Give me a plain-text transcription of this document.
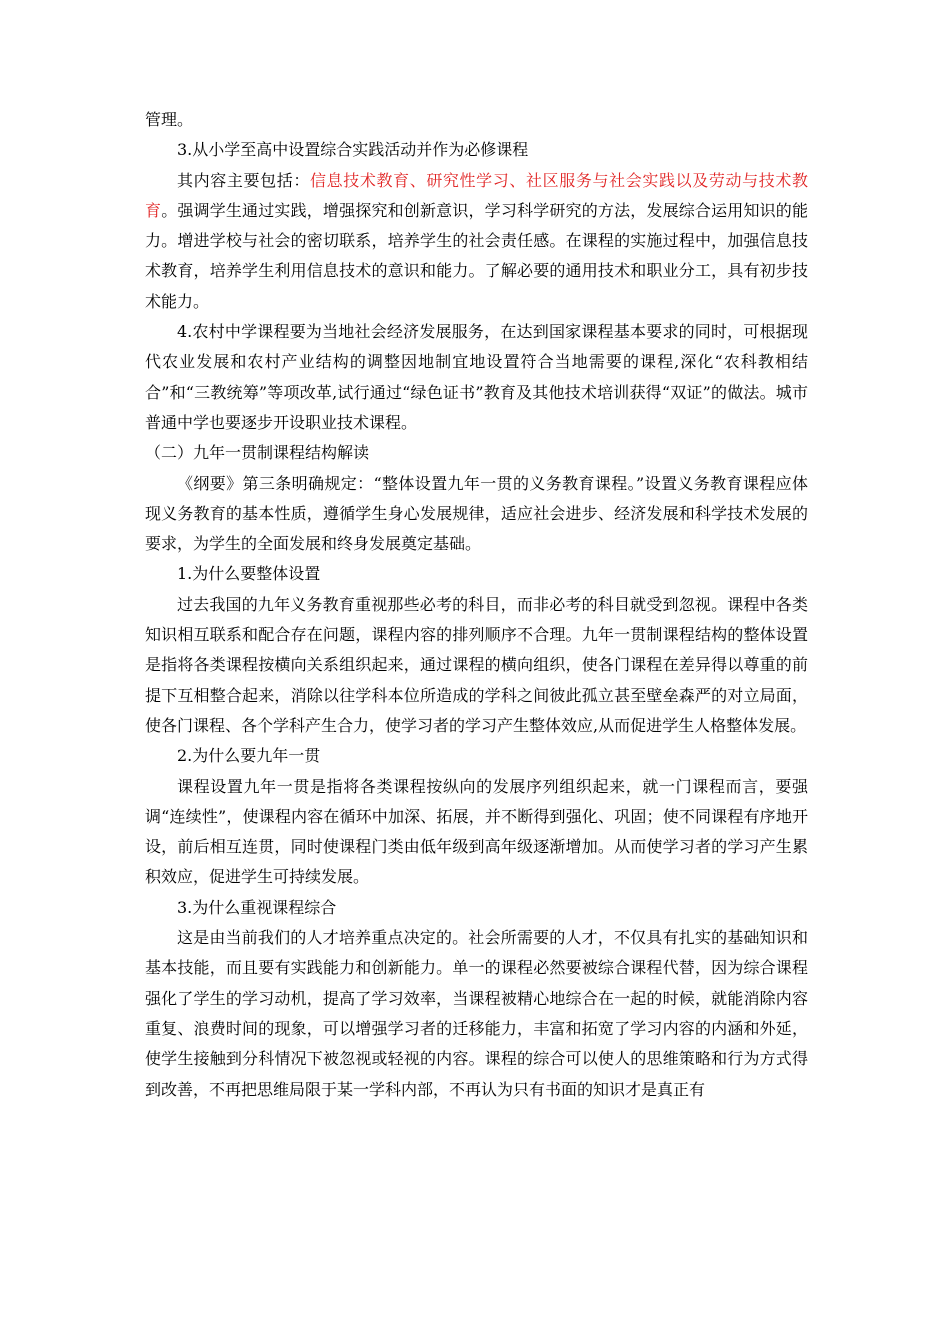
管理。

3.从小学至高中设置综合实践活动并作为必修课程

其内容主要包括：信息技术教育、研究性学习、社区服务与社会实践以及劳动与技术教育。强调学生通过实践，增强探究和创新意识，学习科学研究的方法，发展综合运用知识的能力。增进学校与社会的密切联系，培养学生的社会责任感。在课程的实施过程中，加强信息技术教育，培养学生利用信息技术的意识和能力。了解必要的通用技术和职业分工，具有初步技术能力。

4.农村中学课程要为当地社会经济发展服务，在达到国家课程基本要求的同时，可根据现代农业发展和农村产业结构的调整因地制宜地设置符合当地需要的课程,深化“农科教相结合”和“三教统筹”等项改革,试行通过“绿色证书”教育及其他技术培训获得“双证”的做法。城市普通中学也要逐步开设职业技术课程。

（二）九年一贯制课程结构解读

《纲要》第三条明确规定：“整体设置九年一贯的义务教育课程。”设置义务教育课程应体现义务教育的基本性质，遵循学生身心发展规律，适应社会进步、经济发展和科学技术发展的要求，为学生的全面发展和终身发展奠定基础。

1.为什么要整体设置

过去我国的九年义务教育重视那些必考的科目，而非必考的科目就受到忽视。课程中各类知识相互联系和配合存在问题，课程内容的排列顺序不合理。九年一贯制课程结构的整体设置是指将各类课程按横向关系组织起来，通过课程的横向组织，使各门课程在差异得以尊重的前提下互相整合起来，消除以往学科本位所造成的学科之间彼此孤立甚至壁垒森严的对立局面，使各门课程、各个学科产生合力，使学习者的学习产生整体效应,从而促进学生人格整体发展。

2.为什么要九年一贯

课程设置九年一贯是指将各类课程按纵向的发展序列组织起来，就一门课程而言，要强调“连续性”，使课程内容在循环中加深、拓展，并不断得到强化、巩固；使不同课程有序地开设，前后相互连贯，同时使课程门类由低年级到高年级逐渐增加。从而使学习者的学习产生累积效应，促进学生可持续发展。

3.为什么重视课程综合

这是由当前我们的人才培养重点决定的。社会所需要的人才，不仅具有扎实的基础知识和基本技能，而且要有实践能力和创新能力。单一的课程必然要被综合课程代替，因为综合课程强化了学生的学习动机，提高了学习效率，当课程被精心地综合在一起的时候，就能消除内容重复、浪费时间的现象，可以增强学习者的迁移能力，丰富和拓宽了学习内容的内涵和外延，使学生接触到分科情况下被忽视或轻视的内容。课程的综合可以使人的思维策略和行为方式得到改善，不再把思维局限于某一学科内部，不再认为只有书面的知识才是真正有
